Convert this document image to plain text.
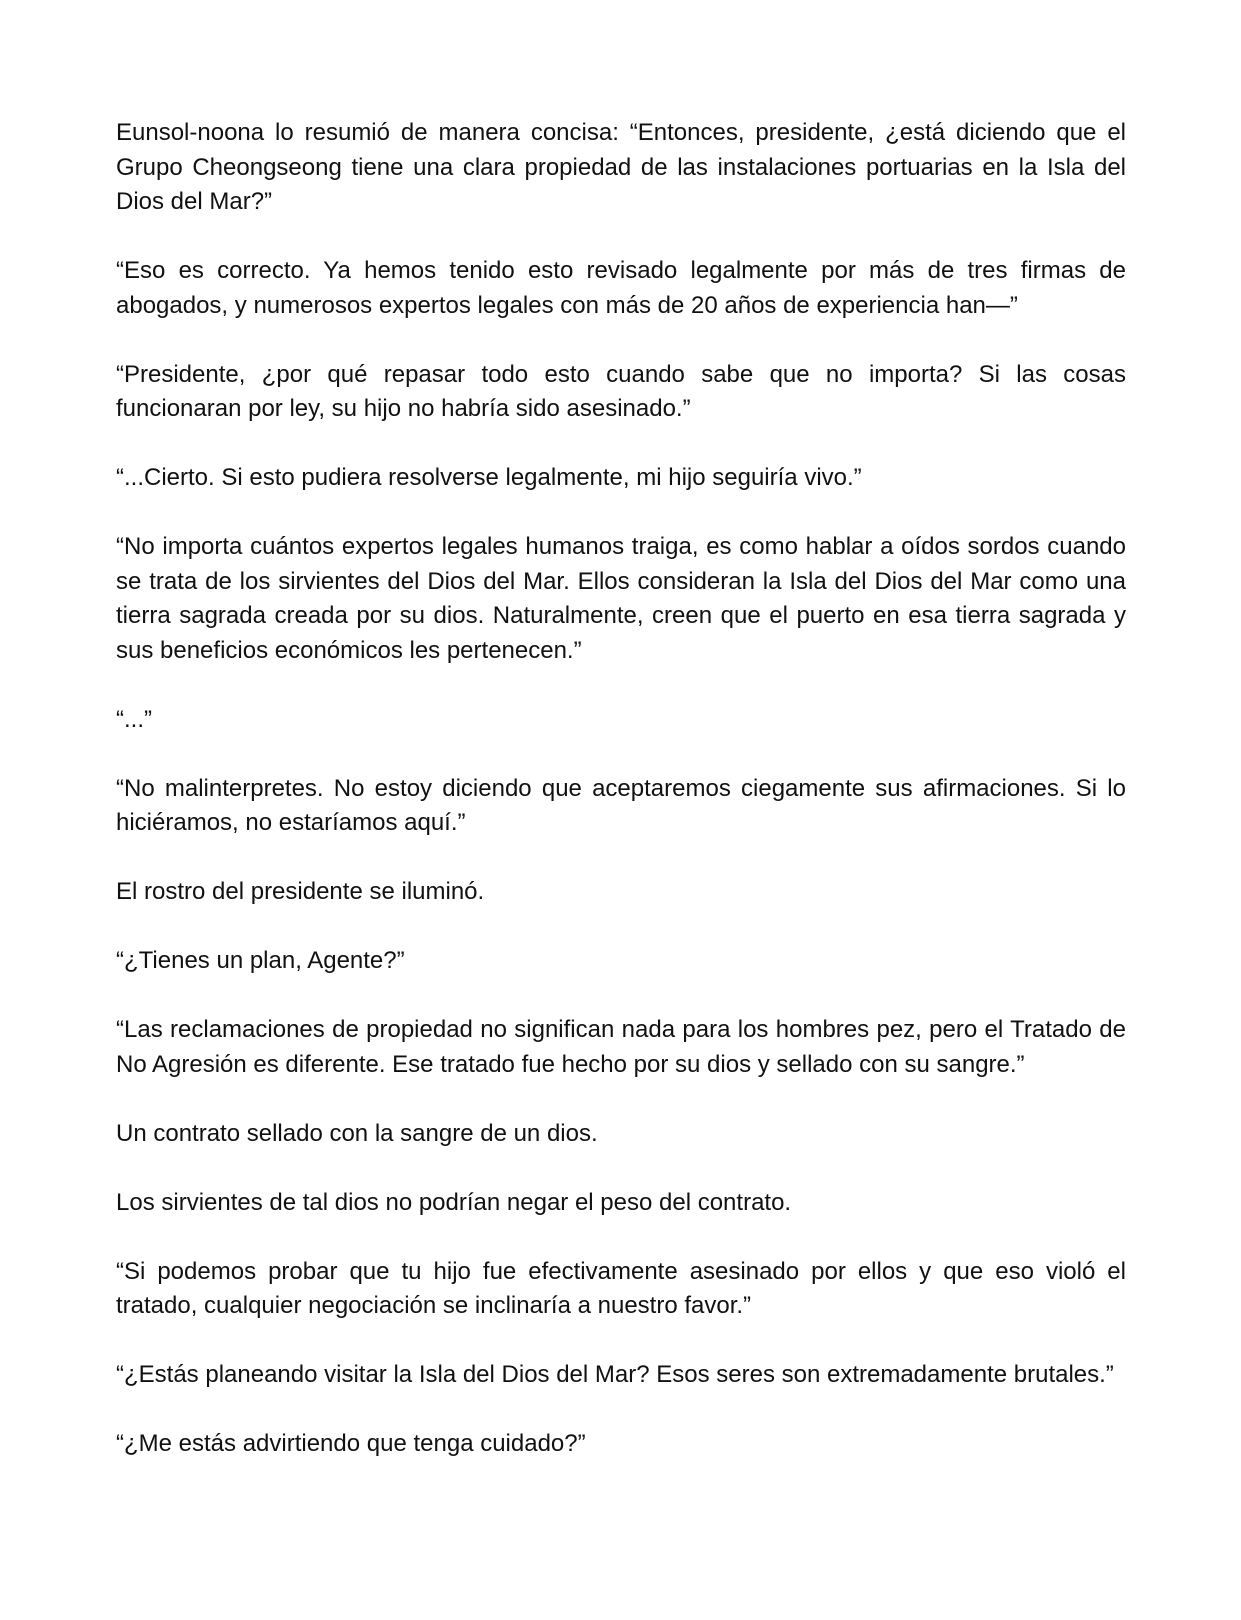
Eunsol-noona lo resumió de manera concisa: “Entonces, presidente, ¿está diciendo que el Grupo Cheongseong tiene una clara propiedad de las instalaciones portuarias en la Isla del Dios del Mar?”

“Eso es correcto. Ya hemos tenido esto revisado legalmente por más de tres firmas de abogados, y numerosos expertos legales con más de 20 años de experiencia han—”

“Presidente, ¿por qué repasar todo esto cuando sabe que no importa? Si las cosas funcionaran por ley, su hijo no habría sido asesinado.”

“...Cierto. Si esto pudiera resolverse legalmente, mi hijo seguiría vivo.”

“No importa cuántos expertos legales humanos traiga, es como hablar a oídos sordos cuando se trata de los sirvientes del Dios del Mar. Ellos consideran la Isla del Dios del Mar como una tierra sagrada creada por su dios. Naturalmente, creen que el puerto en esa tierra sagrada y sus beneficios económicos les pertenecen.”

“...”

“No malinterpretes. No estoy diciendo que aceptaremos ciegamente sus afirmaciones. Si lo hiciéramos, no estaríamos aquí.”

El rostro del presidente se iluminó.

“¿Tienes un plan, Agente?”

“Las reclamaciones de propiedad no significan nada para los hombres pez, pero el Tratado de No Agresión es diferente. Ese tratado fue hecho por su dios y sellado con su sangre.”

Un contrato sellado con la sangre de un dios.

Los sirvientes de tal dios no podrían negar el peso del contrato.

“Si podemos probar que tu hijo fue efectivamente asesinado por ellos y que eso violó el tratado, cualquier negociación se inclinaría a nuestro favor.”

“¿Estás planeando visitar la Isla del Dios del Mar? Esos seres son extremadamente brutales.”

“¿Me estás advirtiendo que tenga cuidado?”
